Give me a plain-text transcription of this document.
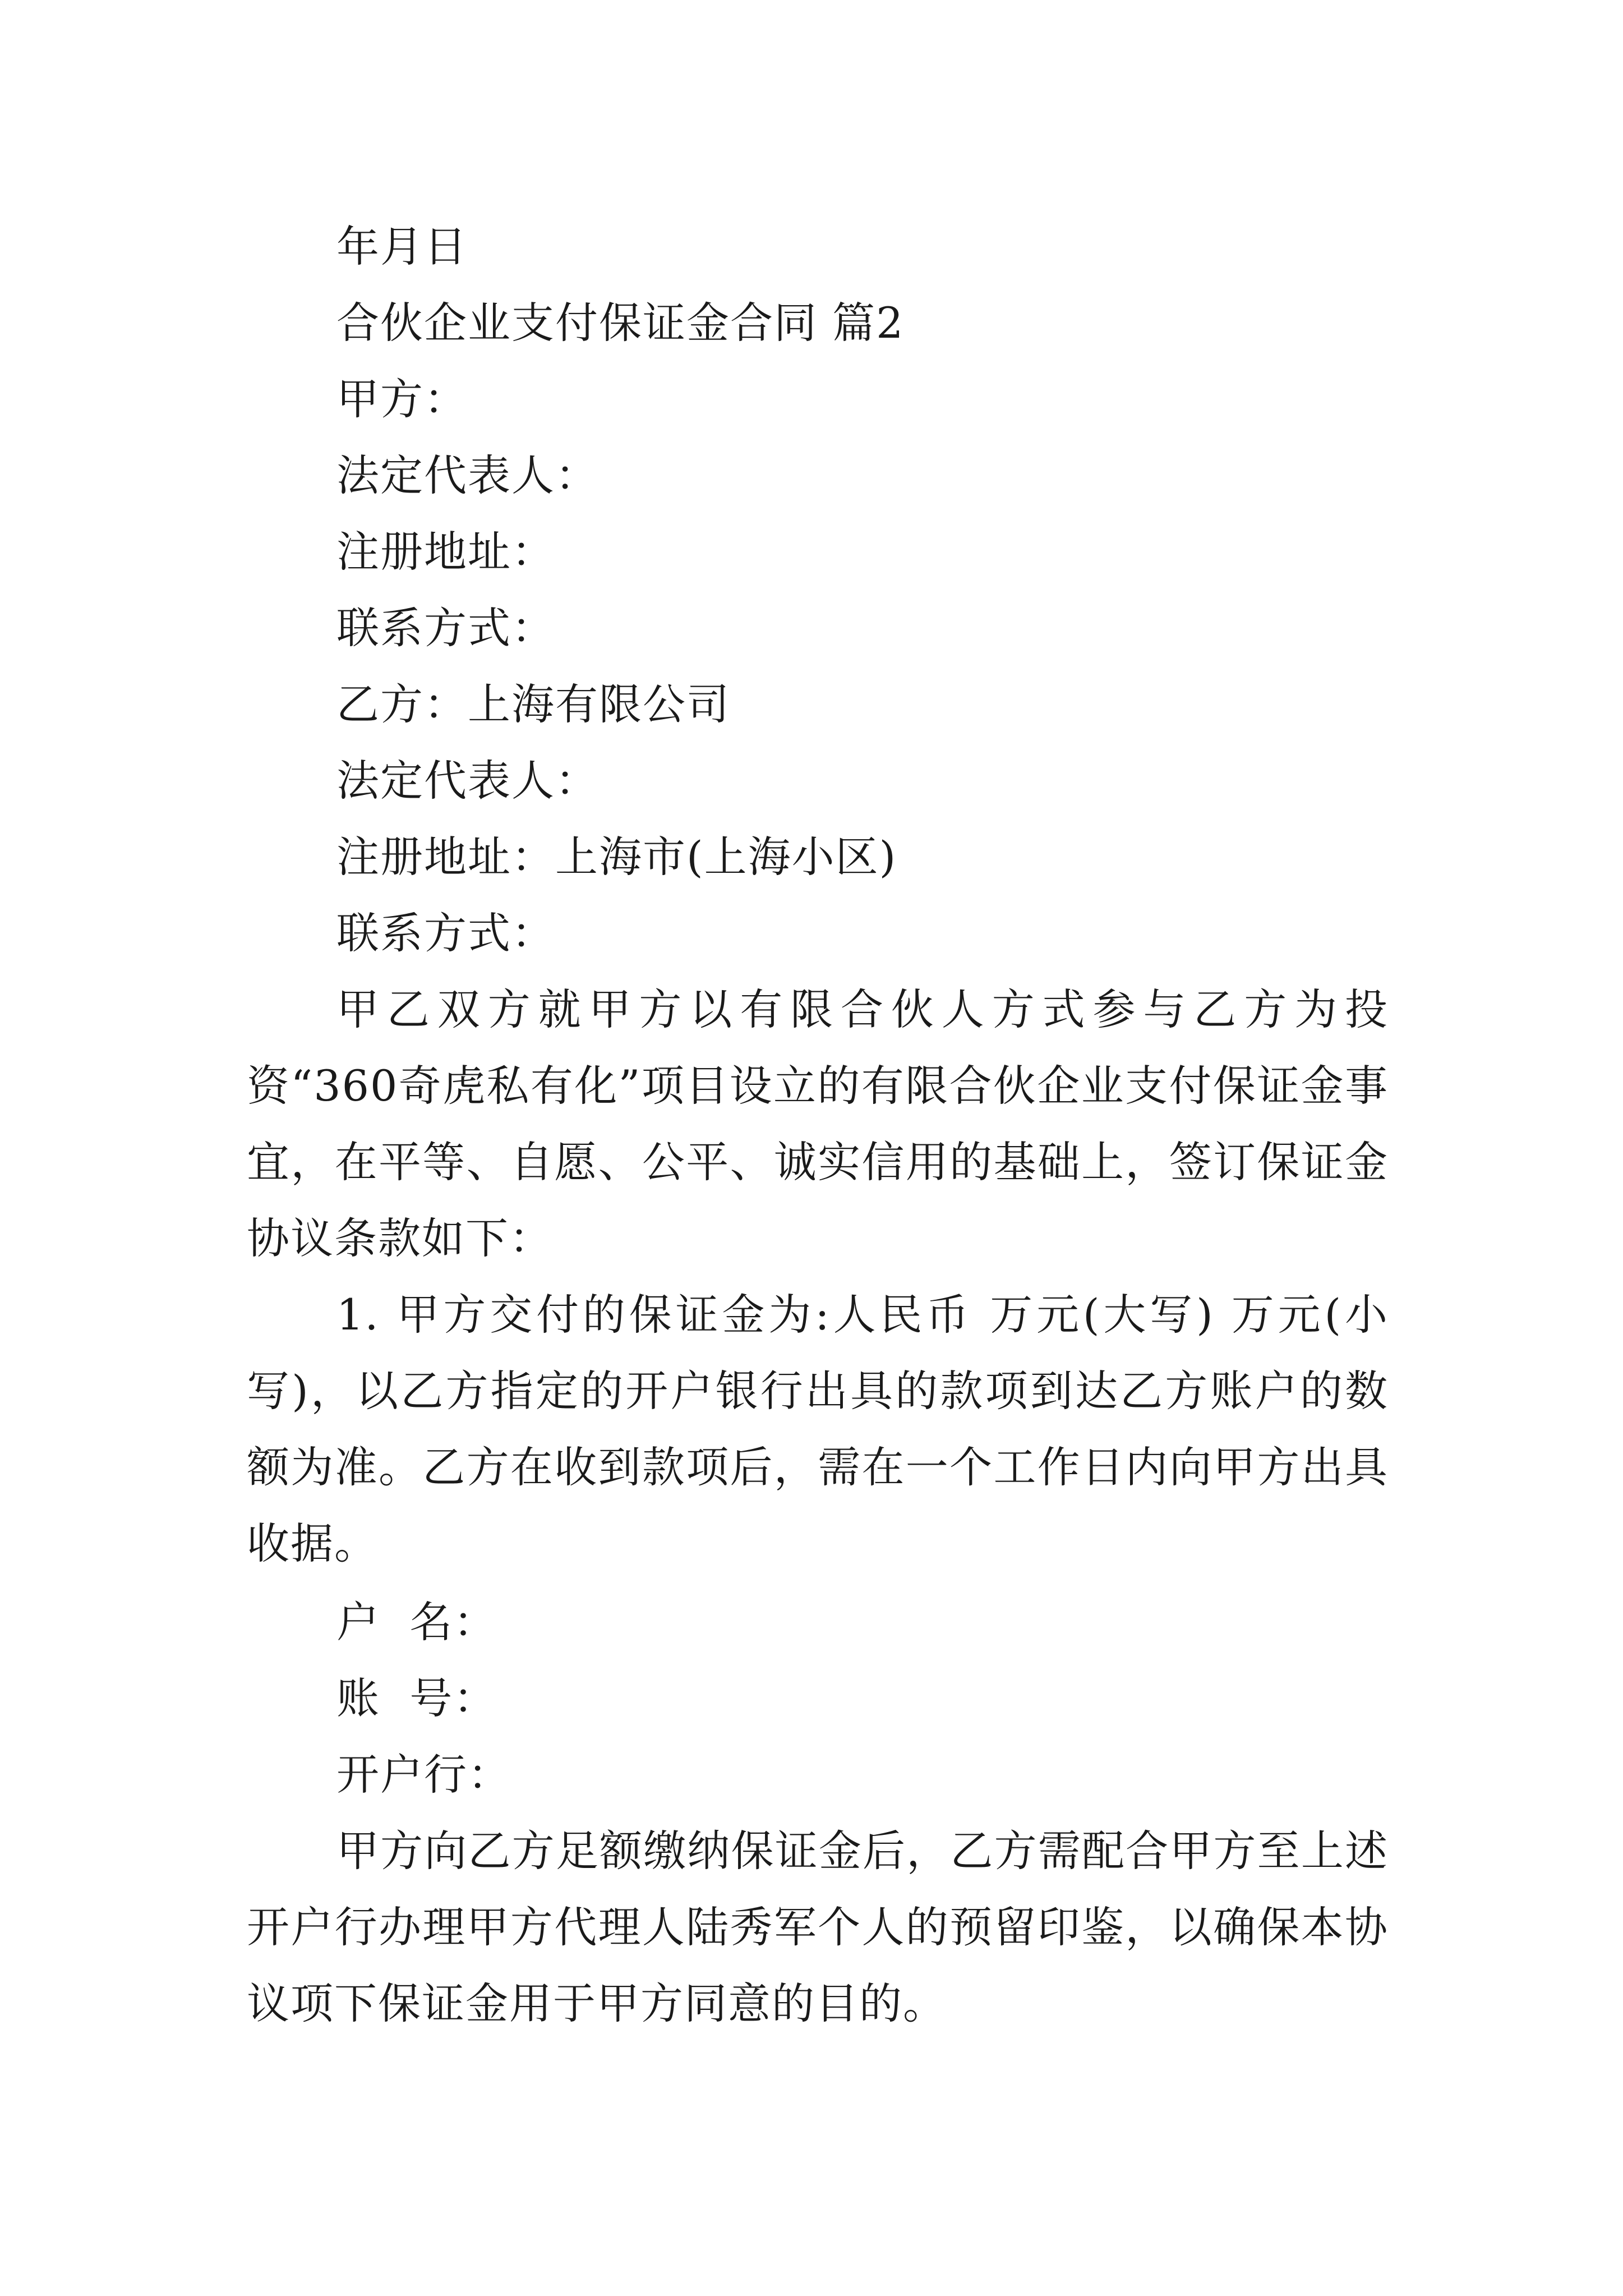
年月日
合伙企业支付保证金合同 篇2
甲方：
法定代表人：
注册地址：
联系方式：
乙方：上海有限公司
法定代表人：
注册地址：上海市(上海小区)
联系方式：

甲乙双方就甲方以有限合伙人方式参与乙方为投资“360奇虎私有化”项目设立的有限合伙企业支付保证金事宜，在平等、自愿、公平、诚实信用的基础上，签订保证金协议条款如下：

1. 甲方交付的保证金为:人民币 万元(大写) 万元(小写)，以乙方指定的开户银行出具的款项到达乙方账户的数额为准。乙方在收到款项后，需在一个工作日内向甲方出具收据。

户  名：
账  号：
开户行：

甲方向乙方足额缴纳保证金后，乙方需配合甲方至上述开户行办理甲方代理人陆秀军个人的预留印鉴，以确保本协议项下保证金用于甲方同意的目的。
